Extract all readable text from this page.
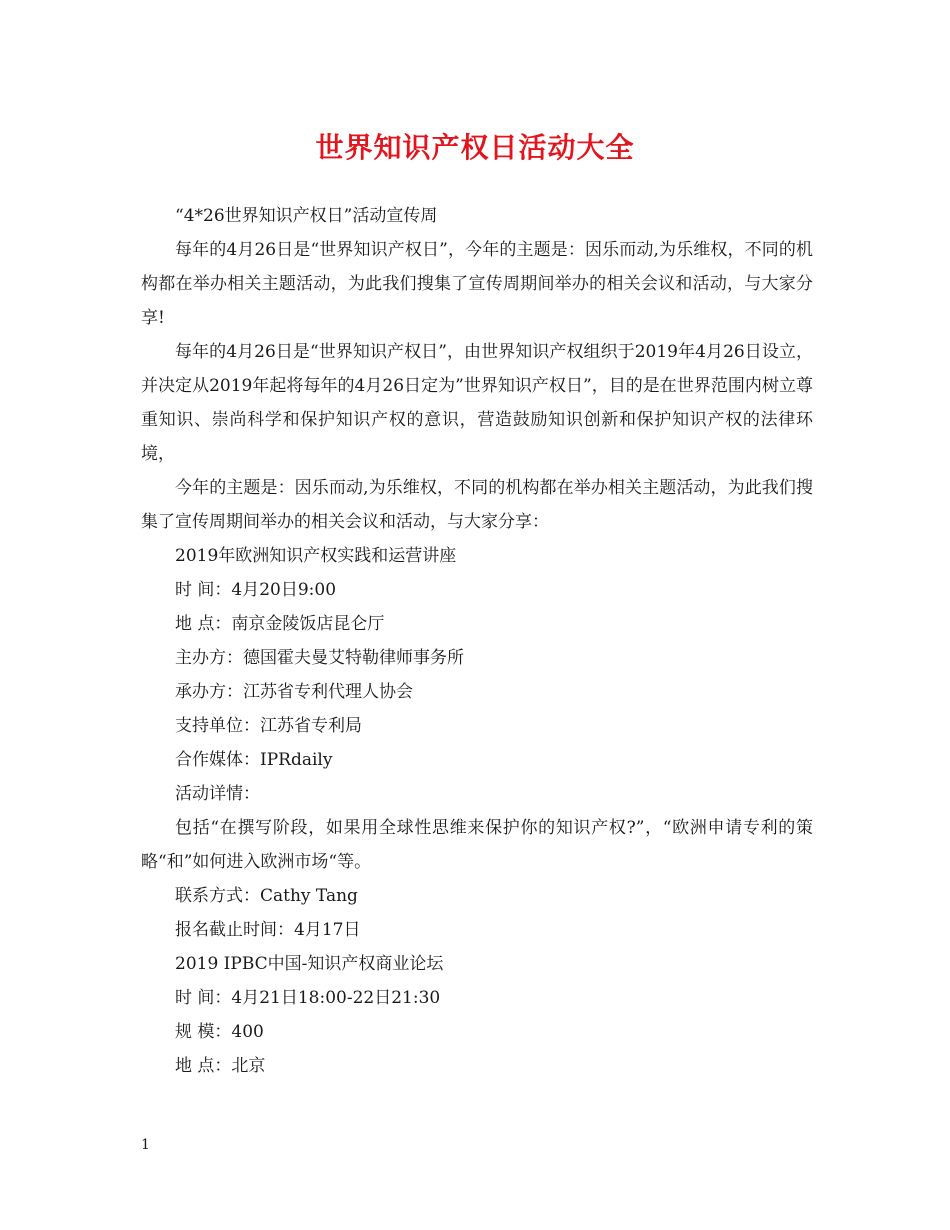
世界知识产权日活动大全

“4*26世界知识产权日”活动宣传周

每年的4月26日是“世界知识产权日”，今年的主题是：因乐而动,为乐维权，不同的机构都在举办相关主题活动，为此我们搜集了宣传周期间举办的相关会议和活动，与大家分享!

每年的4月26日是“世界知识产权日”，由世界知识产权组织于2019年4月26日设立，并决定从2019年起将每年的4月26日定为”世界知识产权日”，目的是在世界范围内树立尊重知识、崇尚科学和保护知识产权的意识，营造鼓励知识创新和保护知识产权的法律环境，

今年的主题是：因乐而动,为乐维权，不同的机构都在举办相关主题活动，为此我们搜集了宣传周期间举办的相关会议和活动，与大家分享：

2019年欧洲知识产权实践和运营讲座

时 间：4月20日9:00

地 点：南京金陵饭店昆仑厅

主办方：德国霍夫曼艾特勒律师事务所

承办方：江苏省专利代理人协会

支持单位：江苏省专利局

合作媒体：IPRdaily

活动详情：

包括“在撰写阶段，如果用全球性思维来保护你的知识产权?”，“欧洲申请专利的策略“和”如何进入欧洲市场“等。

联系方式：Cathy Tang

报名截止时间：4月17日

2019 IPBC中国-知识产权商业论坛

时 间：4月21日18:00-22日21:30

规 模：400

地 点：北京

1
